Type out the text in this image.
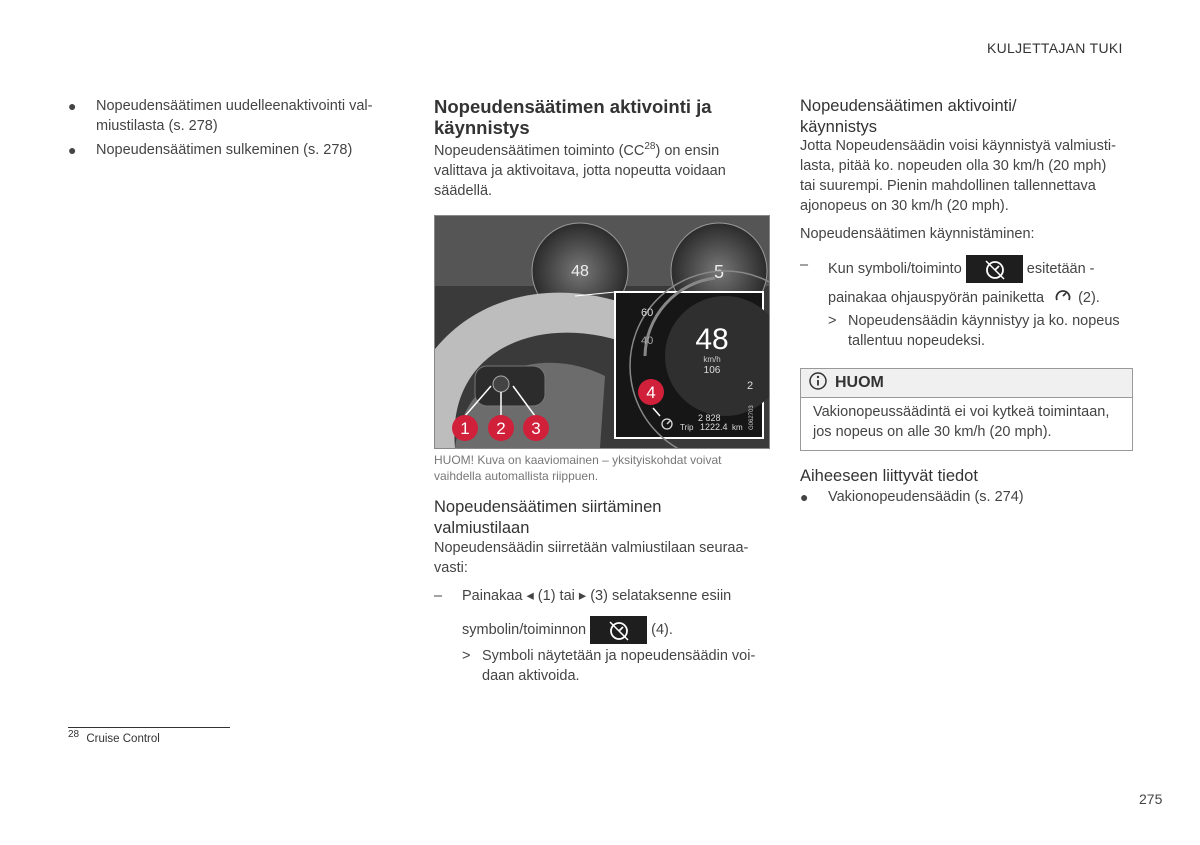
KULJETTAJAN TUKI
●	Nopeudensäätimen uudelleenaktivointi val-
miustilasta (s. 278)
●	Nopeudensäätimen sulkeminen (s. 278)
Nopeudensäätimen aktivointi ja
käynnistys
Nopeudensäätimen toiminto (CC$^{28}$) on ensin
valittava ja aktivoitava, jotta nopeutta voidaan
säädellä.
48	5
1 2 3
60
40 48
km/h
106
2 828
Trip 1222.4 km
2
4
G062703
HUOM! Kuva on kaaviomainen – yksityiskohdat voivat
vaihdella automallista riippuen.
Nopeudensäätimen siirtäminen
valmiustilaan
Nopeudensäädin siirretään valmiustilaan seuraa-
vasti:
–	Painakaa ◂ (1) tai ▸ (3) selataksenne esiin
symbolin/toiminnon	(4).
> Symboli näytetään ja nopeudensäädin voi-
daan aktivoida.
Nopeudensäätimen aktivointi/
käynnistys
Jotta Nopeudensäädin voisi käynnistyä valmiusti-
lasta, pitää ko. nopeuden olla 30 km/h (20 mph)
tai suurempi. Pienin mahdollinen tallennettava
ajonopeus on 30 km/h (20 mph).
Nopeudensäätimen käynnistäminen:
–	Kun symboli/toiminto	esitetään -
painakaa ohjauspyörän painiketta (2).
> Nopeudensäädin käynnistyy ja ko. nopeus
tallentuu nopeudeksi.
HUOM
Vakionopeussäädintä ei voi kytkeä toimintaan,
jos nopeus on alle 30 km/h (20 mph).
Aiheeseen liittyvät tiedot
●	Vakionopeudensäädin (s. 274)
$^{28}$ Cruise Control
275
